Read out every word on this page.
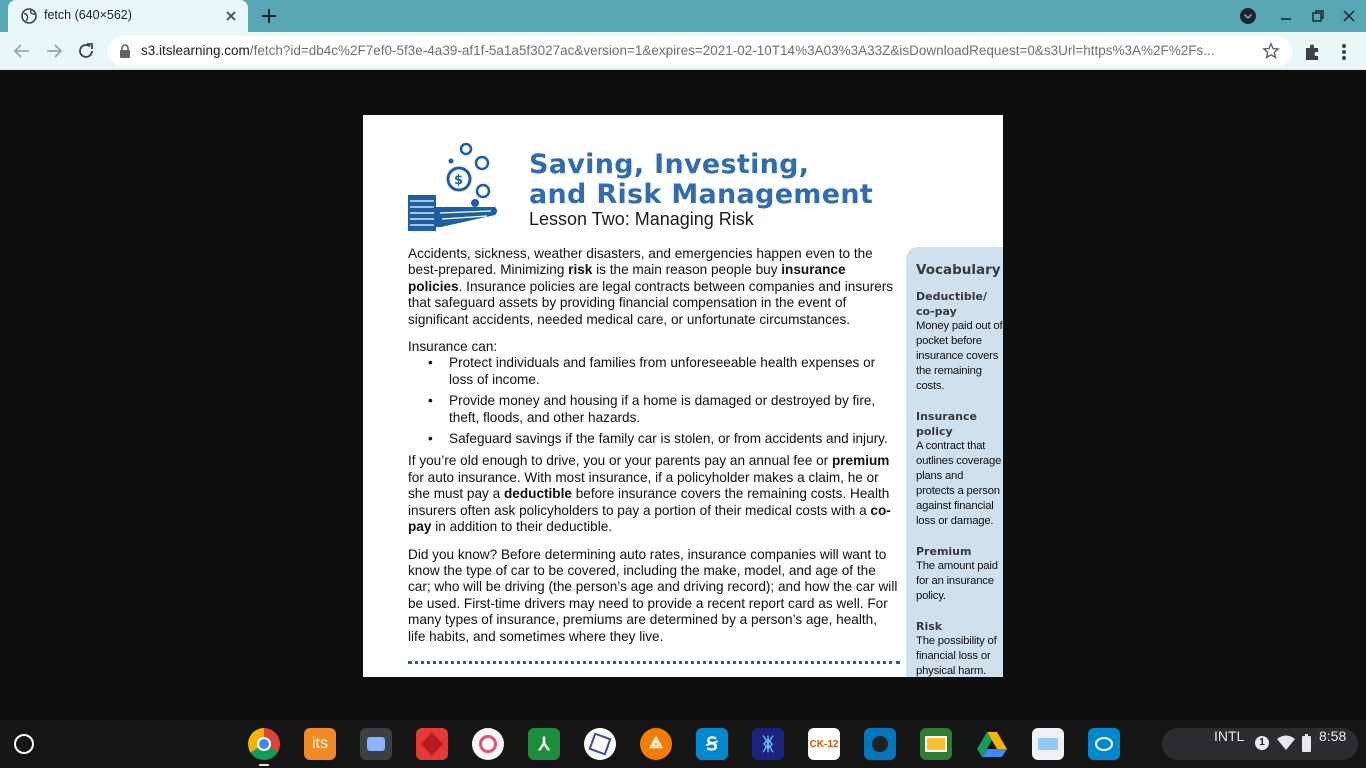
fetch (640×562)
s3.itslearning.com/fetch?id=db4c%2F7ef0-5f3e-4a39-af1f-5a1a5f3027ac&version=1&expires=2021-02-10T14%3A03%3A33Z&isDownloadRequest=0&s3Url=https%3A%2F%2Fs...
$
Saving, Investing,
and Risk Management
Lesson Two: Managing Risk

Accidents, sickness, weather disasters, and emergencies happen even to the best-prepared. Minimizing risk is the main reason people buy insurance policies. Insurance policies are legal contracts between companies and insurers that safeguard assets by providing financial compensation in the event of significant accidents, needed medical care, or unfortunate circumstances.

Insurance can:

• Protect individuals and families from unforeseeable health expenses or loss of income.
• Provide money and housing if a home is damaged or destroyed by fire, theft, floods, and other hazards.
• Safeguard savings if the family car is stolen, or from accidents and injury.

If you’re old enough to drive, you or your parents pay an annual fee or premium for auto insurance. With most insurance, if a policyholder makes a claim, he or she must pay a deductible before insurance covers the remaining costs. Health insurers often ask policyholders to pay a portion of their medical costs with a co-pay in addition to their deductible.

Did you know? Before determining auto rates, insurance companies will want to know the type of car to be covered, including the make, model, and age of the car; who will be driving (the person’s age and driving record); and how the car will be used. First-time drivers may need to provide a recent report card as well. For many types of insurance, premiums are determined by a person’s age, health, life habits, and sometimes where they live.

Vocabulary
Deductible/ co-pay
Money paid out of pocket before insurance covers the remaining costs.
Insurance policy
A contract that outlines coverage plans and protects a person against financial loss or damage.
Premium
The amount paid for an insurance policy.
Risk
The possibility of financial loss or physical harm.
its	⅄	⟁ Ꞩ ᛤ	CK-12	INTL	1	8:58
